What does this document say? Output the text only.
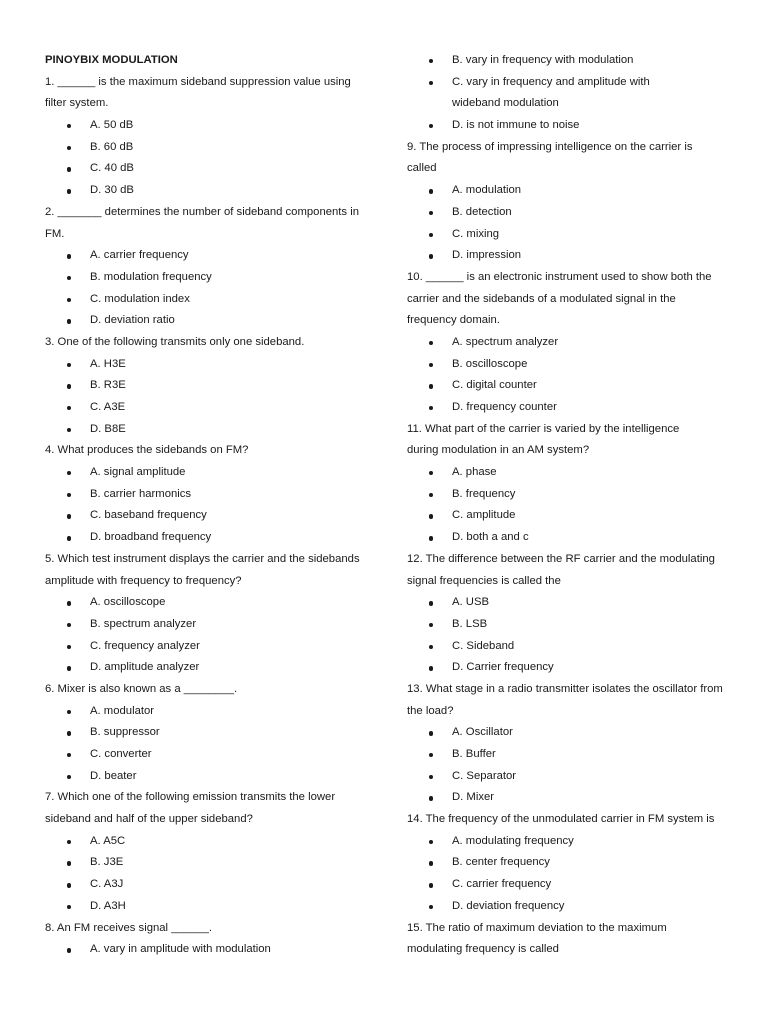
PINOYBIX MODULATION
1. ______ is the maximum sideband suppression value using
filter system.
A. 50 dB
B. 60 dB
C. 40 dB
D. 30 dB
2. _______ determines the number of sideband components in
FM.
A. carrier frequency
B. modulation frequency
C. modulation index
D. deviation ratio
3. One of the following transmits only one sideband.
A. H3E
B. R3E
C. A3E
D. B8E
4. What produces the sidebands on FM?
A. signal amplitude
B. carrier harmonics
C. baseband frequency
D. broadband frequency
5. Which test instrument displays the carrier and the sidebands
amplitude with frequency to frequency?
A. oscilloscope
B. spectrum analyzer
C. frequency analyzer
D. amplitude analyzer
6. Mixer is also known as a ________.
A. modulator
B. suppressor
C. converter
D. beater
7. Which one of the following emission transmits the lower
sideband and half of the upper sideband?
A. A5C
B. J3E
C. A3J
D. A3H
8. An FM receives signal ______.
A. vary in amplitude with modulation
B. vary in frequency with modulation
C. vary in frequency and amplitude with
wideband modulation
D. is not immune to noise
9. The process of impressing intelligence on the carrier is
called
A. modulation
B. detection
C. mixing
D. impression
10. ______ is an electronic instrument used to show both the
carrier and the sidebands of a modulated signal in the
frequency domain.
A. spectrum analyzer
B. oscilloscope
C. digital counter
D. frequency counter
11. What part of the carrier is varied by the intelligence
during modulation in an AM system?
A. phase
B. frequency
C. amplitude
D. both a and c
12. The difference between the RF carrier and the modulating
signal frequencies is called the
A. USB
B. LSB
C. Sideband
D. Carrier frequency
13. What stage in a radio transmitter isolates the oscillator from
the load?
A. Oscillator
B. Buffer
C. Separator
D. Mixer
14. The frequency of the unmodulated carrier in FM system is
A. modulating frequency
B. center frequency
C. carrier frequency
D. deviation frequency
15. The ratio of maximum deviation to the maximum
modulating frequency is called
